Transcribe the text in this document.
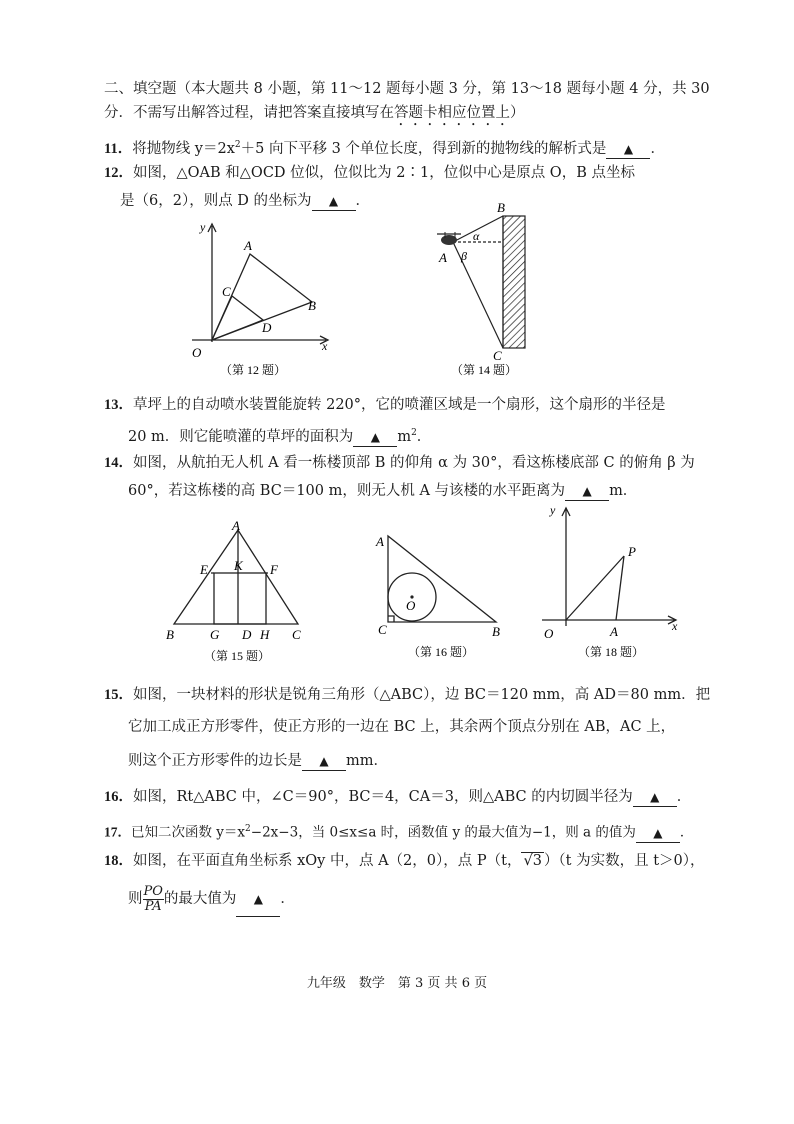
二、填空题（本大题共 8 小题，第 11～12 题每小题 3 分，第 13～18 题每小题 4 分，共 30
分．不需写出解答过程，请把答案直接填写在答题卡相应位置上）
11．将抛物线 $y=2x^2+5$ 向下平移 3 个单位长度，得到新的抛物线的解析式是 ▲ ．
12．如图，△OAB 和△OCD 位似，位似比为 2∶1，位似中心是原点 O，B 点坐标
是（6，2），则点 D 的坐标为 ▲ ．
y
x
O
A
B
C
D
（第 12 题）
B
A
C
α
β
（第 14 题）
13．草坪上的自动喷水装置能旋转 220°，它的喷灌区域是一个扇形，这个扇形的半径是
20 m．则它能喷灌的草坪的面积为 ▲ $m^2$．
14．如图，从航拍无人机 A 看一栋楼顶部 B 的仰角 α 为 30°，看这栋楼底部 C 的俯角 β 为
60°，若这栋楼的高 BC＝100 m，则无人机 A 与该楼的水平距离为 ▲ m．
A
E K F
B	G D H C
（第 15 题）
A
O
C	B
（第 16 题）
y
x
O	A
P
（第 18 题）
15．如图，一块材料的形状是锐角三角形（△ABC），边 BC＝120 mm，高 AD＝80 mm．把
它加工成正方形零件，使正方形的一边在 BC 上，其余两个顶点分别在 AB，AC 上，
则这个正方形零件的边长是 ▲ mm．
16．如图，Rt△ABC 中，∠C＝90°，BC＝4，CA＝3，则△ABC 的内切圆半径为 ▲ ．
17．已知二次函数 $y=x^2-2x-3$，当 0≤x≤a 时，函数值 y 的最大值为−1，则 a 的值为 ▲ ．
18．如图，在平面直角坐标系 xOy 中，点 A（2，0），点 P（t， √3 ）（t 为实数，且 t＞0），
则 $\frac{PO}{PA}$ 的最大值为 ▲ ．
九年级　数学　第 3 页 共 6 页
